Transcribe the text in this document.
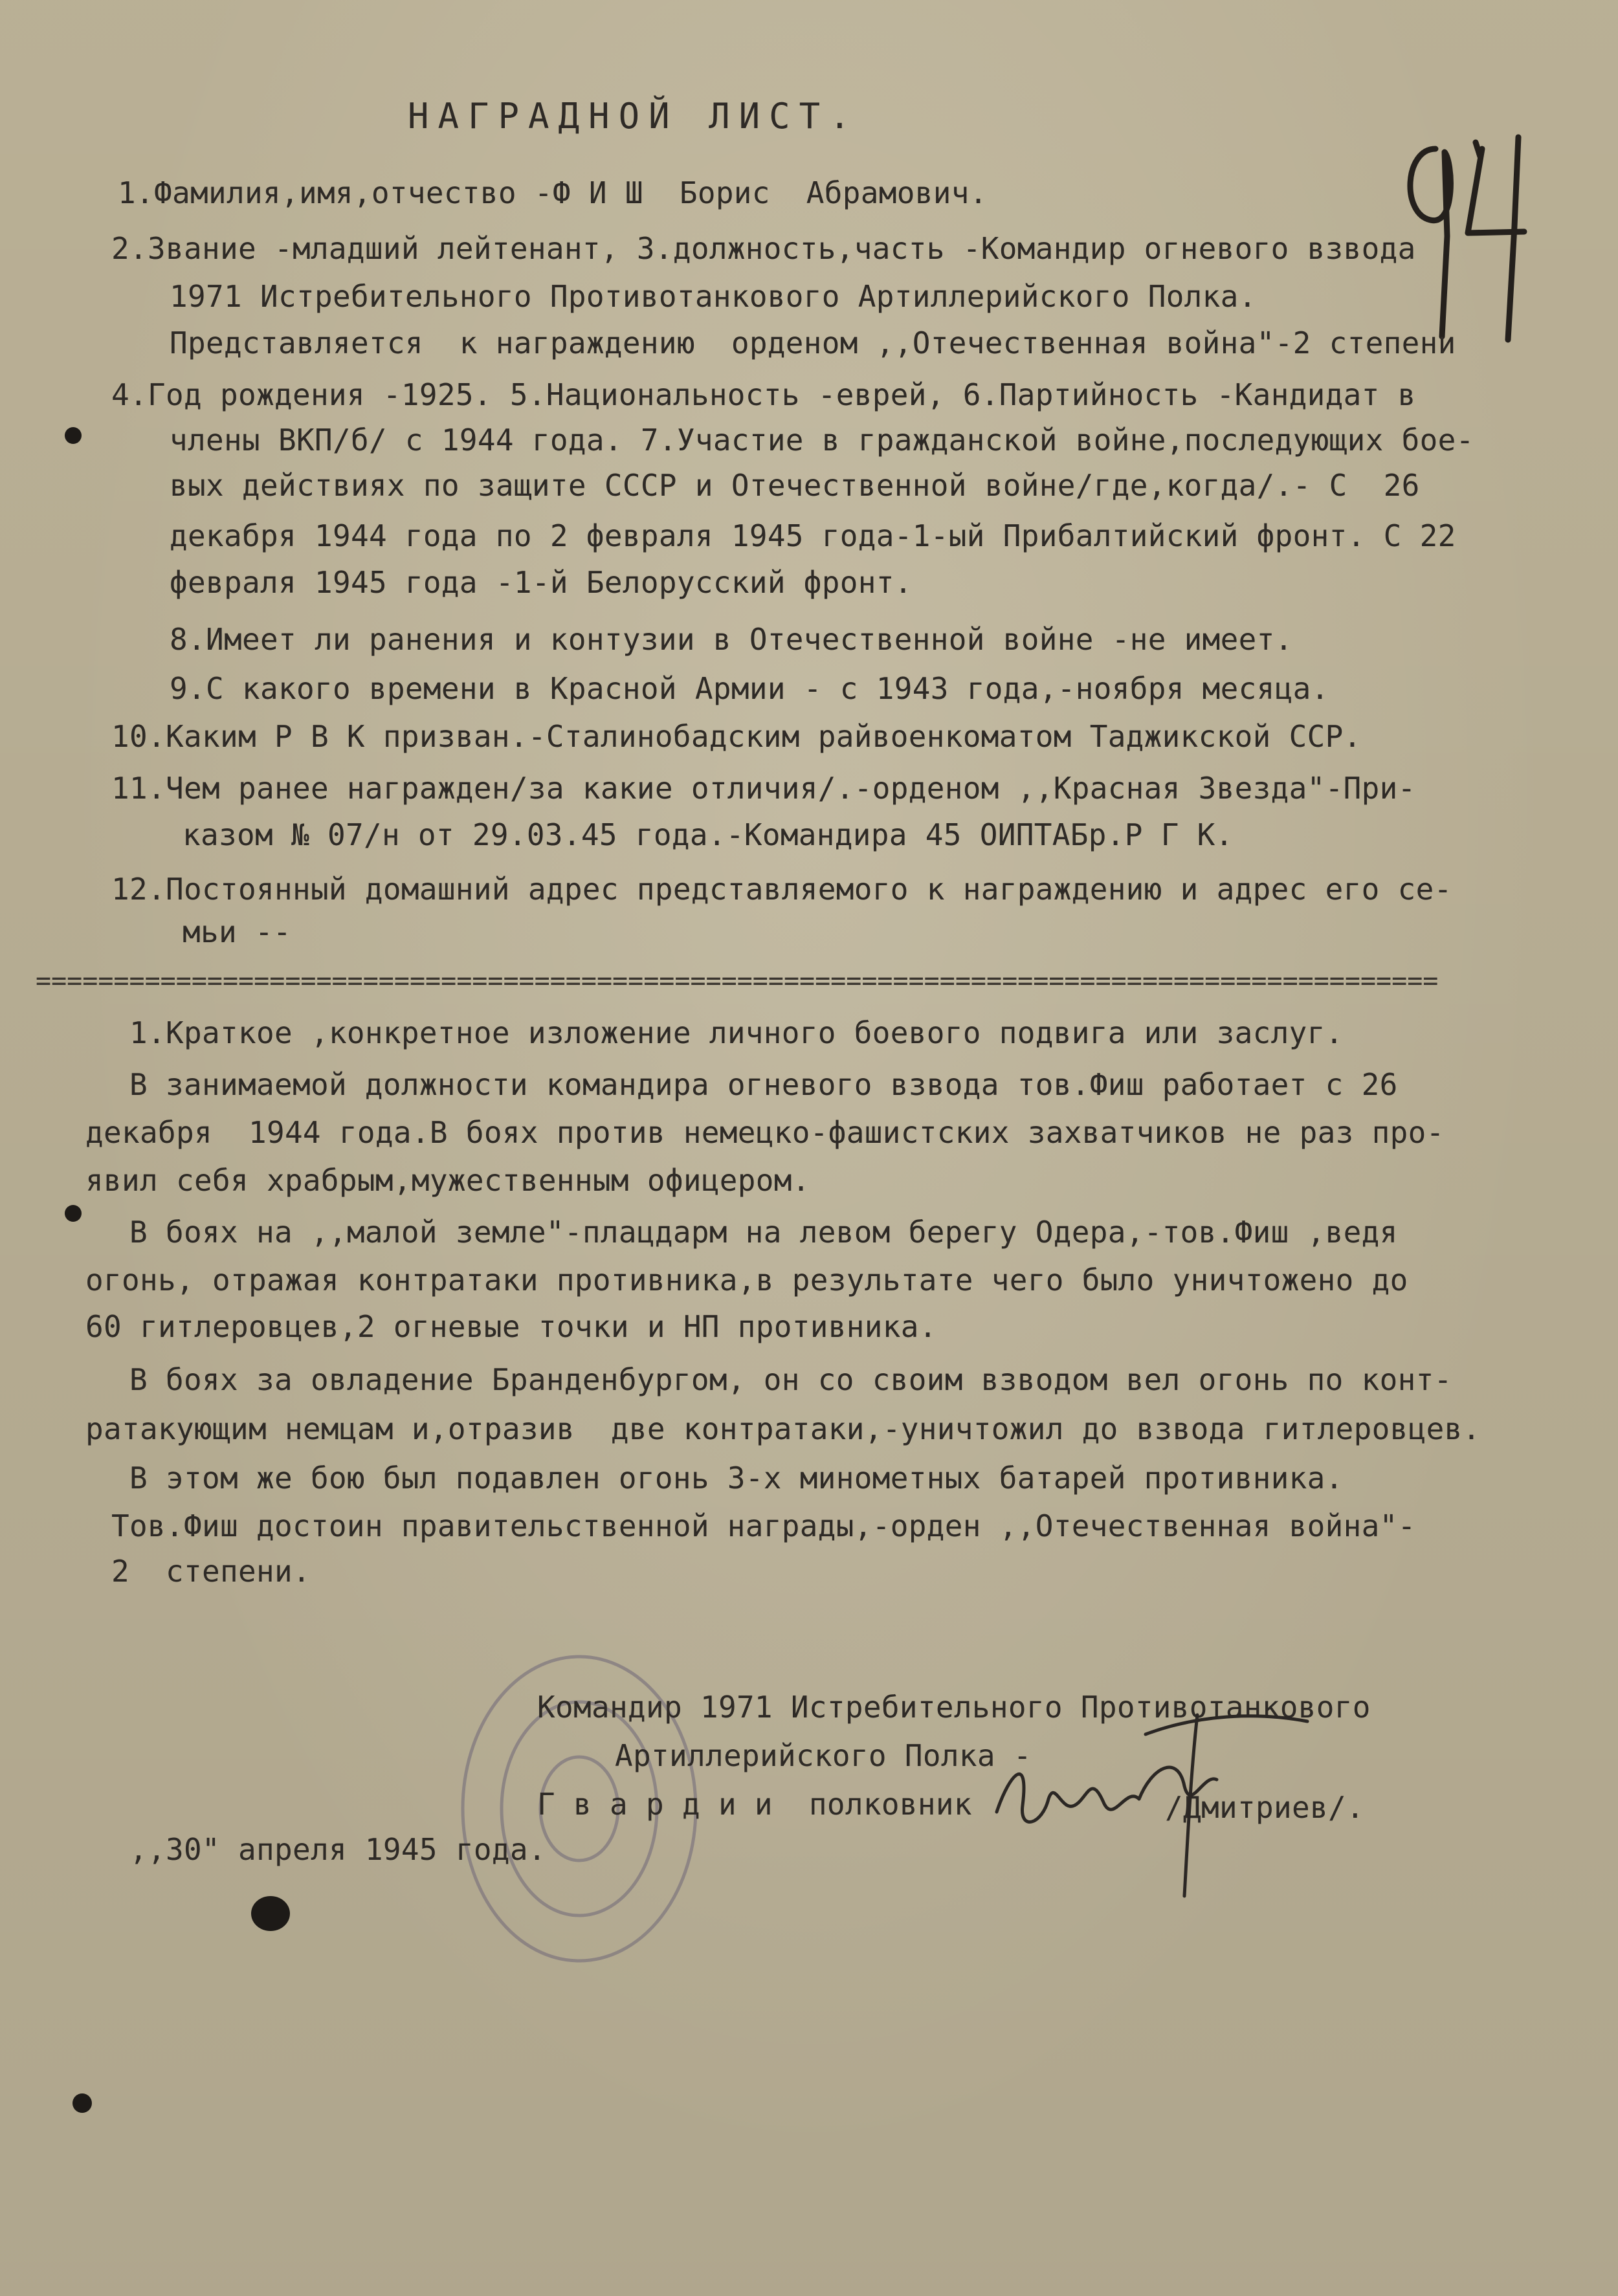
НАГРАДНОЙ ЛИСТ.
1.Фамилия,имя,отчество -Ф И Ш  Борис  Абрамович.
2.Звание -младший лейтенант, 3.должность,часть -Командир огневого взвода
1971 Истребительного Противотанкового Артиллерийского Полка.
Представляется  к награждению  орденом ,,Отечественная война"-2 степени
4.Год рождения -1925. 5.Национальность -еврей, 6.Партийность -Кандидат в
члены ВКП/б/ с 1944 года. 7.Участие в гражданской войне,последующих бое-
вых действиях по защите СССР и Отечественной войне/где,когда/.- С  26
декабря 1944 года по 2 февраля 1945 года-1-ый Прибалтийский фронт. С 22
февраля 1945 года -1-й Белорусский фронт.
8.Имеет ли ранения и контузии в Отечественной войне -не имеет.
9.С какого времени в Красной Армии - с 1943 года,-ноября месяца.
10.Каким Р В К призван.-Сталинобадским райвоенкоматом Таджикской ССР.
11.Чем ранее награжден/за какие отличия/.-орденом ,,Красная Звезда"-При-
казом № 07/н от 29.03.45 года.-Командира 45 ОИПТАБр.Р Г К.
12.Постоянный домашний адрес представляемого к награждению и адрес его се-
мьи --
==========================================================================================
1.Краткое ,конкретное изложение личного боевого подвига или заслуг.
В занимаемой должности командира огневого взвода тов.Фиш работает с 26
декабря  1944 года.В боях против немецко-фашистских захватчиков не раз про-
явил себя храбрым,мужественным офицером.
В боях на ,,малой земле"-плацдарм на левом берегу Одера,-тов.Фиш ,ведя
огонь, отражая контратаки противника,в результате чего было уничтожено до
60 гитлеровцев,2 огневые точки и НП противника.
В боях за овладение Бранденбургом, он со своим взводом вел огонь по конт-
ратакующим немцам и,отразив  две контратаки,-уничтожил до взвода гитлеровцев.
В этом же бою был подавлен огонь 3-х минометных батарей противника.
Тов.Фиш достоин правительственной награды,-орден ,,Отечественная война"-
2  степени.
Командир 1971 Истребительного Противотанкового
Артиллерийского Полка -
Г в а р д и и  полковник	/Дмитриев/.
,,30" апреля 1945 года.
